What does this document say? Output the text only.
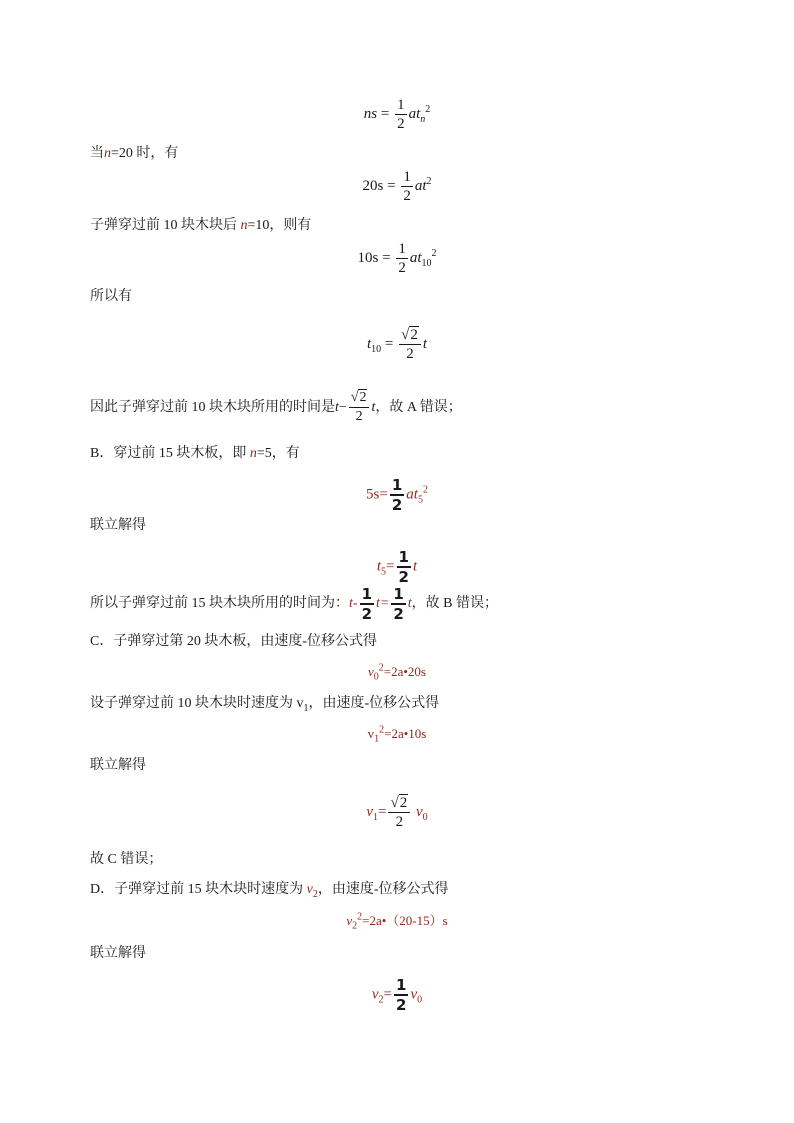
ns = $\frac{1}{2} at_n^2$
当n=20 时，有
$20s = \frac{1}{2} at^2$
子弹穿过前 10 块木块后 n=10，则有
$10s = \frac{1}{2} at_{10}^2$
所以有
$t_{10} = \frac{√2}{2}$ t
因此子弹穿过前 10 块木块所用的时间是$t- \frac{√2}{2}$ t，故 A 错误；
B．穿过前 15 块木板，即 n=5，有
$5s= \frac{1}{2} at_5^2$
联立解得
$t_5= \frac{1}{2}$ t
所以子弹穿过前 15 块木块所用的时间为：$t- \frac{1}{2} t= \frac{1}{2}$ t，故 B 错误；
C．子弹穿过第 20 块木板，由速度-位移公式得
$v_0^2=2a•20s$
设子弹穿过前 10 块木块时速度为 $v_1$，由速度-位移公式得
$v_1^2=2a•10s$
联立解得
$v_1= \frac{√2}{2} v_0$
故 C 错误；
D．子弹穿过前 15 块木块时速度为 $v_2$，由速度-位移公式得
$v_2^2=2a•(20-15)s$
联立解得
$v_2= \frac{1}{2} v_0$
